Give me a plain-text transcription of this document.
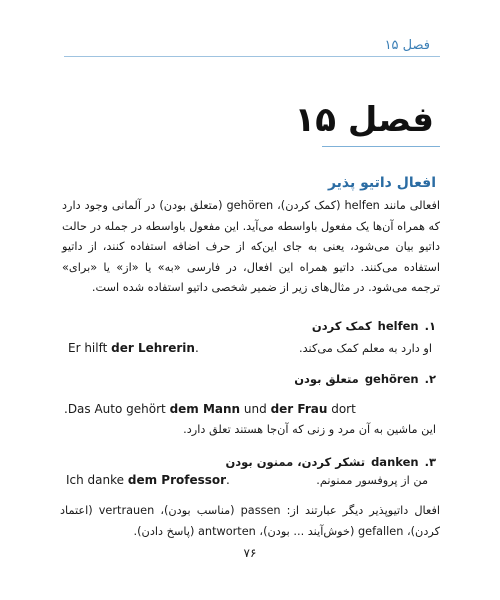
فصل ۱۵
فصل ۱۵
افعال داتیو پذیر
افعالی مانند helfen (کمک کردن)، gehören (متعلق بودن) در آلمانی وجود دارد که همراه آن‌ها یک مفعول باواسطه می‌آید. این مفعول باواسطه در جمله در حالت داتیو بیان می‌شود، یعنی به جای این‌که از حرف اضافه استفاده کنند، از داتیو استفاده می‌کنند. داتیو همراه این افعال، در فارسی «به» یا «از» یا «برای» ترجمه می‌شود. در مثال‌های زیر از ضمیر شخصی داتیو استفاده شده است.
۱.helfenکمک کردن
Er hilft der Lehrerin.	او دارد به معلم کمک می‌کند.
۲.gehörenمتعلق بودن
.Das Auto gehört dem Mann und der Frau dort
این ماشین به آن مرد و زنی که آن‌جا هستند تعلق دارد.
۳.dankenتشکر کردن، ممنون بودن
Ich danke dem Professor.	من از پروفسور ممنونم.
افعال داتیوپذیر دیگر عبارتند از: passen (مناسب بودن)، vertrauen (اعتماد کردن)، gefallen (خوش‌آیند ... بودن)، antworten (پاسخ دادن).
۷۶
